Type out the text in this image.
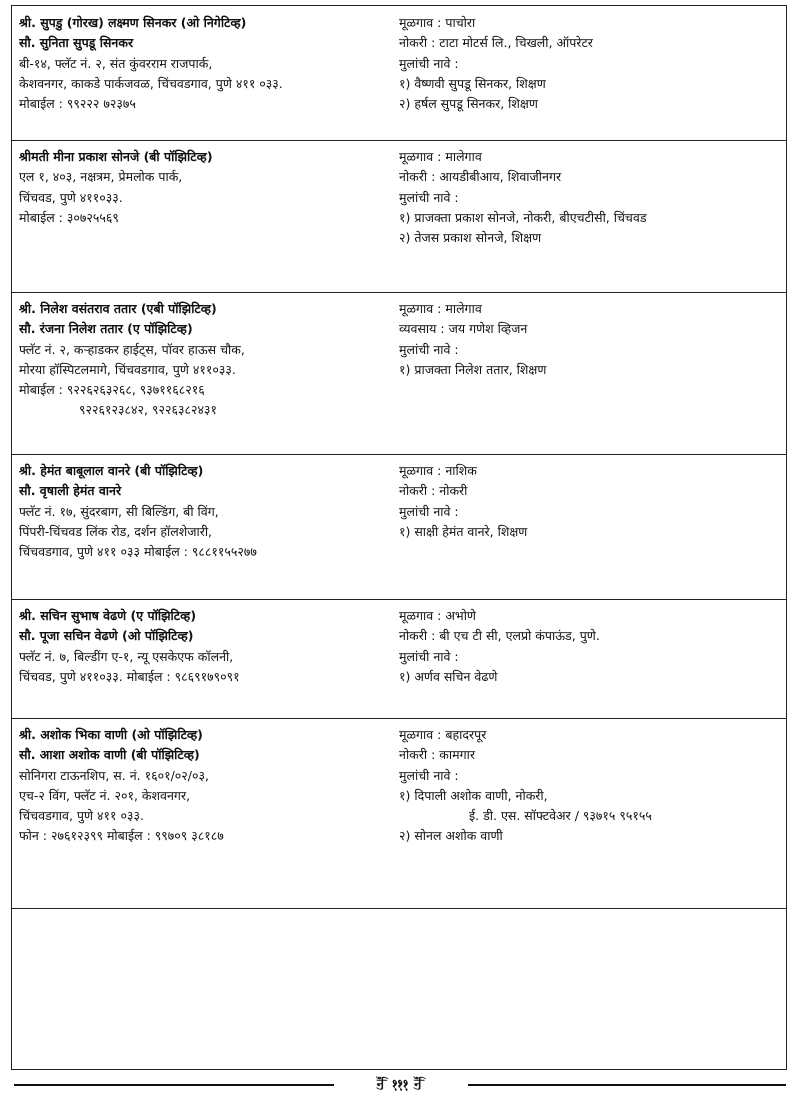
श्री. सुपडु (गोरख) लक्ष्मण सिनकर (ओ निगेटिव्ह)
सौ. सुनिता सुपडू सिनकर
बी-१४, फ्लॅट नं. २, संत कुंवरराम राजपार्क,
केशवनगर, काकडे पार्कजवळ, चिंचवडगाव, पुणे ४११ ०३३.
मोबाईल : ९९२२२ ७२३७५
मूळगाव : पाचोरा
नोकरी : टाटा मोटर्स लि., चिखली, ऑपरेटर
मुलांची नावे :
१) वैष्णवी सुपडू सिनकर, शिक्षण
२) हर्षल सुपडू सिनकर, शिक्षण
श्रीमती मीना प्रकाश सोनजे (बी पॉझिटिव्ह)
एल १, ४०३, नक्षत्रम, प्रेमलोक पार्क,
चिंचवड, पुणे ४११०३३.
मोबाईल : ३०७२५५६९
मूळगाव : मालेगाव
नोकरी : आयडीबीआय, शिवाजीनगर
मुलांची नावे :
१) प्राजक्ता प्रकाश सोनजे, नोकरी, बीएचटीसी, चिंचवड
२) तेजस प्रकाश सोनजे, शिक्षण
श्री. निलेश वसंतराव ततार (एबी पॉझिटिव्ह)
सौ. रंजना निलेश ततार (ए पॉझिटिव्ह)
फ्लॅट नं. २, कऱ्हाडकर हाईट्स, पॉवर हाऊस चौक,
मोरया हॉस्पिटलमागे, चिंचवडगाव, पुणे ४११०३३.
मोबाईल : ९२२६२६३२६८, ९३७११६८२१६
९२२६१२३८४२, ९२२६३८२४३१
मूळगाव : मालेगाव
व्यवसाय : जय गणेश व्हिजन
मुलांची नावे :
१) प्राजक्ता निलेश ततार, शिक्षण
श्री. हेमंत बाबूलाल वानरे (बी पॉझिटिव्ह)
सौ. वृषाली हेमंत वानरे
फ्लॅट नं. १७, सुंदरबाग, सी बिल्डिंग, बी विंग,
पिंपरी-चिंचवड लिंक रोड, दर्शन हॉलशेजारी,
चिंचवडगाव, पुणे ४११ ०३३ मोबाईल : ९८८११५५२७७
मूळगाव : नाशिक
नोकरी : नोकरी
मुलांची नावे :
१) साक्षी हेमंत वानरे, शिक्षण
श्री. सचिन सुभाष वेढणे (ए पॉझिटिव्ह)
सौ. पूजा सचिन वेढणे (ओ पॉझिटिव्ह)
फ्लॅट नं. ७, बिल्डींग ए-१, न्यू एसकेएफ कॉलनी,
चिंचवड, पुणे ४११०३३. मोबाईल : ९८६९१७९०९१
मूळगाव : अभोणे
नोकरी : बी एच टी सी, एलप्रो कंपाऊंड, पुणे.
मुलांची नावे :
१) अर्णव सचिन वेढणे
श्री. अशोक भिका वाणी (ओ पॉझिटिव्ह)
सौ. आशा अशोक वाणी (बी पॉझिटिव्ह)
सोनिगरा टाऊनशिप, स. नं. १६०१/०२/०३,
एच-२ विंग, फ्लॅट नं. २०१, केशवनगर,
चिंचवडगाव, पुणे ४११ ०३३.
फोन : २७६१२३९९ मोबाईल : ९९७०९ ३८१८७
मूळगाव : बहादरपूर
नोकरी : कामगार
मुलांची नावे :
१) दिपाली अशोक वाणी, नोकरी,
ई. डी. एस. सॉफ्टवेअर / ९३७१५ ९५१५५
२) सोनल अशोक वाणी
ꣽ १११ ꣽ
